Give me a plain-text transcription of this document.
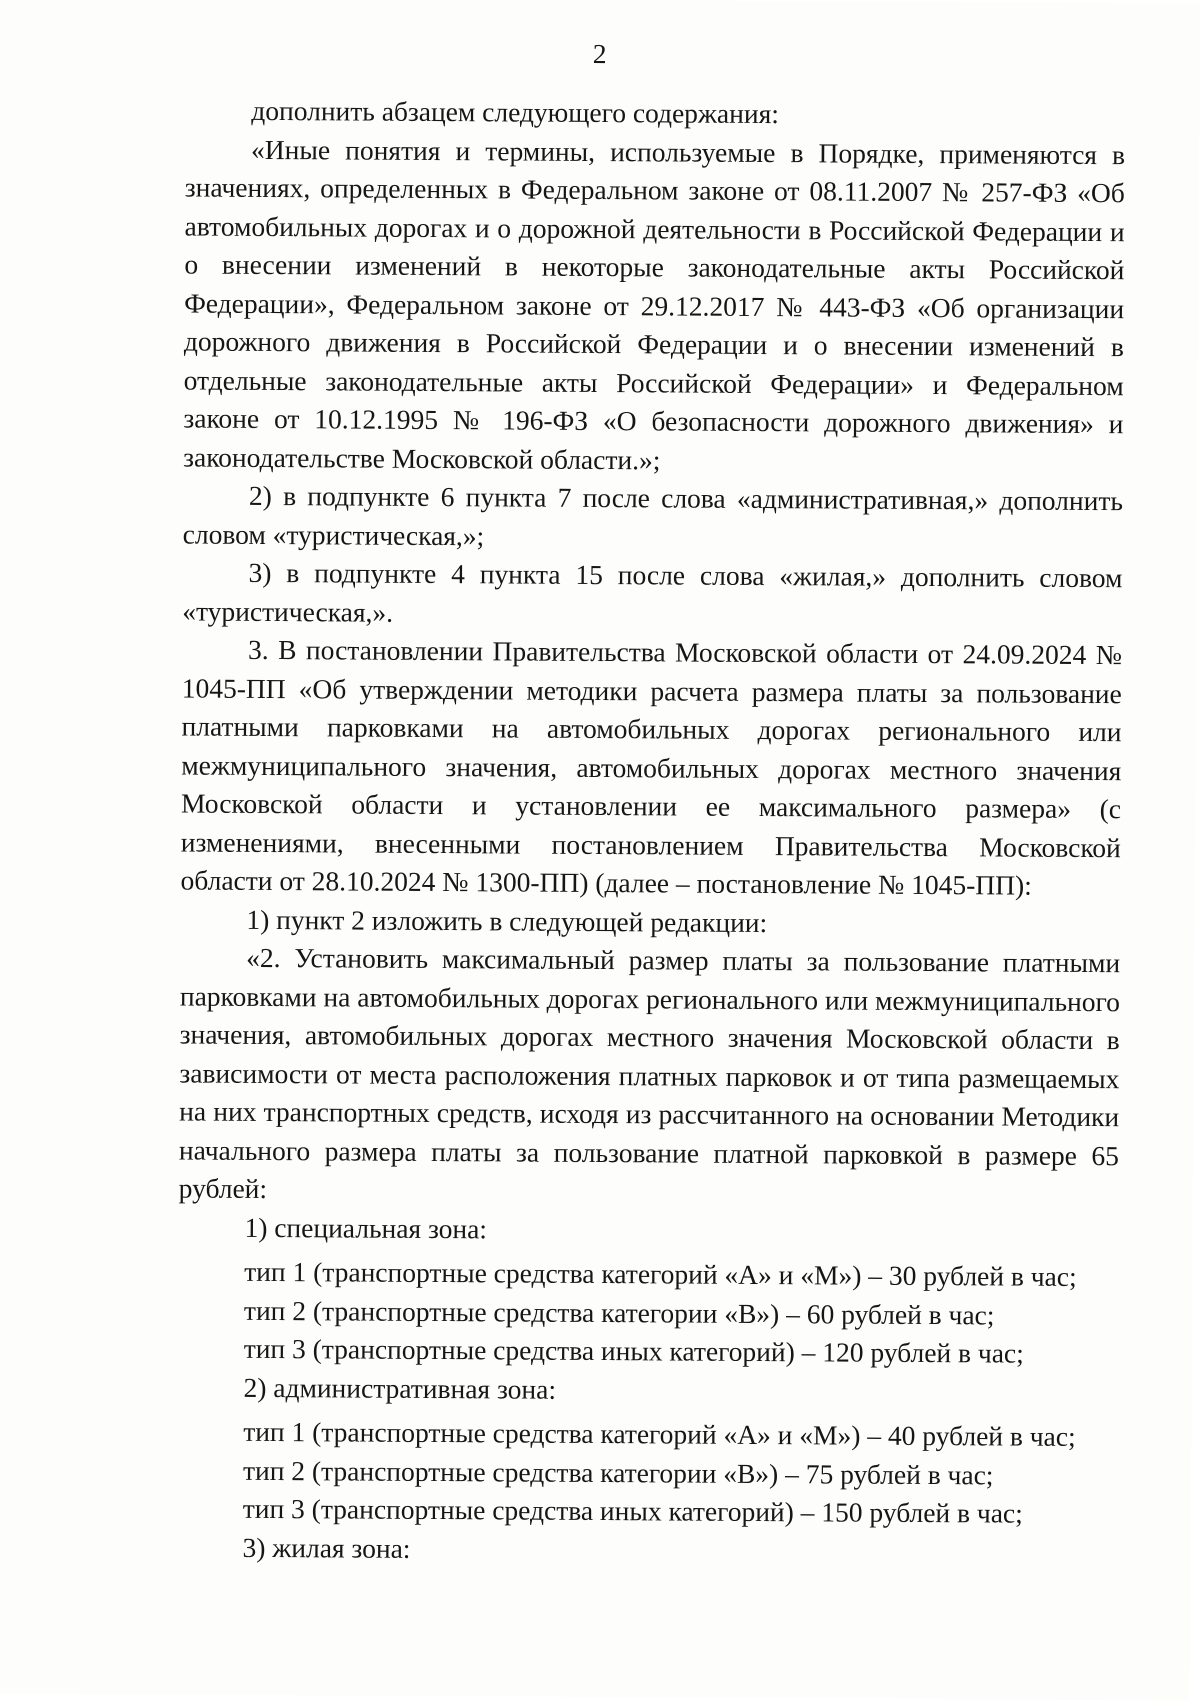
2

дополнить абзацем следующего содержания:

«Иные понятия и термины, используемые в Порядке, применяются в значениях, определенных в Федеральном законе от 08.11.2007 № 257-ФЗ «Об автомобильных дорогах и о дорожной деятельности в Российской Федерации и о внесении изменений в некоторые законодательные акты Российской Федерации», Федеральном законе от 29.12.2017 № 443-ФЗ «Об организации дорожного движения в Российской Федерации и о внесении изменений в отдельные законодательные акты Российской Федерации» и Федеральном законе от 10.12.1995 № 196-ФЗ «О безопасности дорожного движения» и законодательстве Московской области.»;

2) в подпункте 6 пункта 7 после слова «административная,» дополнить словом «туристическая,»;

3) в подпункте 4 пункта 15 после слова «жилая,» дополнить словом «туристическая,».

3. В постановлении Правительства Московской области от 24.09.2024 № 1045-ПП «Об утверждении методики расчета размера платы за пользование платными парковками на автомобильных дорогах регионального или межмуниципального значения, автомобильных дорогах местного значения Московской области и установлении ее максимального размера» (с изменениями, внесенными постановлением Правительства Московской области от 28.10.2024 № 1300-ПП) (далее – постановление № 1045-ПП):

1) пункт 2 изложить в следующей редакции:

«2. Установить максимальный размер платы за пользование платными парковками на автомобильных дорогах регионального или межмуниципального значения, автомобильных дорогах местного значения Московской области в зависимости от места расположения платных парковок и от типа размещаемых на них транспортных средств, исходя из рассчитанного на основании Методики начального размера платы за пользование платной парковкой в размере 65 рублей:

1) специальная зона:

тип 1 (транспортные средства категорий «А» и «М») – 30 рублей в час;

тип 2 (транспортные средства категории «В») – 60 рублей в час;

тип 3 (транспортные средства иных категорий) – 120 рублей в час;

2) административная зона:

тип 1 (транспортные средства категорий «А» и «М») – 40 рублей в час;

тип 2 (транспортные средства категории «В») – 75 рублей в час;

тип 3 (транспортные средства иных категорий) – 150 рублей в час;

3) жилая зона:
